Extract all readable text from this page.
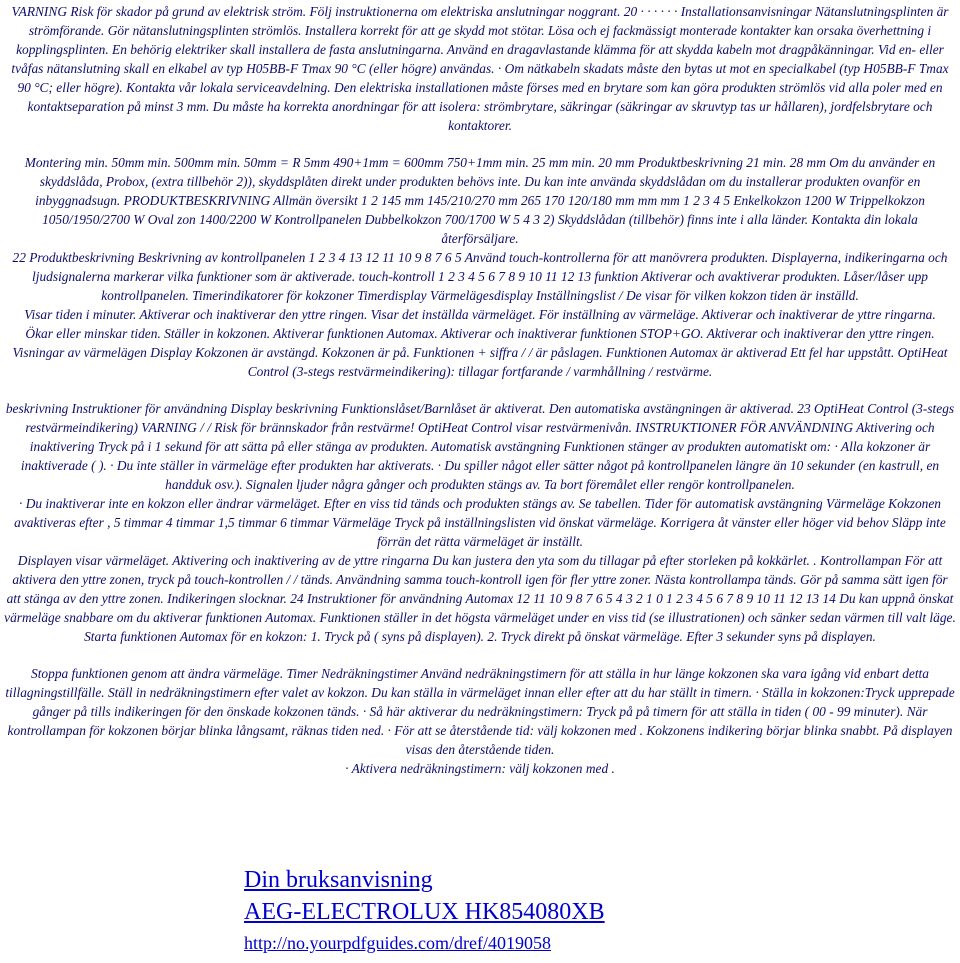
VARNING Risk för skador på grund av elektrisk ström. Följ instruktionerna om elektriska anslutningar noggrant. 20 · · · · · · Installationsanvisningar Nätanslutningsplinten är strömförande. Gör nätanslutningsplinten strömlös. Installera korrekt för att ge skydd mot stötar. Lösa och ej fackmässigt monterade kontakter kan orsaka överhettning i kopplingsplinten. En behörig elektriker skall installera de fasta anslutningarna. Använd en dragavlastande klämma för att skydda kabeln mot dragpåkänningar. Vid en- eller tvåfas nätanslutning skall en elkabel av typ H05BB-F Tmax 90 °C (eller högre) användas. · Om nätkabeln skadats måste den bytas ut mot en specialkabel (typ H05BB-F Tmax 90 °C; eller högre). Kontakta vår lokala serviceavdelning. Den elektriska installationen måste förses med en brytare som kan göra produkten strömlös vid alla poler med en kontaktseparation på minst 3 mm. Du måste ha korrekta anordningar för att isolera: strömbrytare, säkringar (säkringar av skruvtyp tas ur hållaren), jordfelsbrytare och kontaktorer.

Montering min. 50mm min. 500mm min. 50mm = R 5mm 490+1mm = 600mm 750+1mm min. 25 mm min. 20 mm Produktbeskrivning 21 min. 28 mm Om du använder en skyddslåda, Probox, (extra tillbehör 2)), skyddsplåten direkt under produkten behövs inte. Du kan inte använda skyddslådan om du installerar produkten ovanför en inbyggnadsugn. PRODUKTBESKRIVNING Allmän översikt 1 2 145 mm 145/210/270 mm 265 170 120/180 mm mm mm 1 2 3 4 5 Enkelkokzon 1200 W Trippelkokzon 1050/1950/2700 W Oval zon 1400/2200 W Kontrollpanelen Dubbelkokzon 700/1700 W 5 4 3 2) Skyddslådan (tillbehör) finns inte i alla länder. Kontakta din lokala återförsäljare.

22 Produktbeskrivning Beskrivning av kontrollpanelen 1 2 3 4 13 12 11 10 9 8 7 6 5 Använd touch-kontrollerna för att manövrera produkten. Displayerna, indikeringarna och ljudsignalerna markerar vilka funktioner som är aktiverade. touch-kontroll 1 2 3 4 5 6 7 8 9 10 11 12 13 funktion Aktiverar och avaktiverar produkten. Låser/låser upp kontrollpanelen. Timerindikatorer för kokzoner Timerdisplay Värmelägesdisplay Inställningslist / De visar för vilken kokzon tiden är inställd.

Visar tiden i minuter. Aktiverar och inaktiverar den yttre ringen. Visar det inställda värmeläget. För inställning av värmeläge. Aktiverar och inaktiverar de yttre ringarna.

Ökar eller minskar tiden. Ställer in kokzonen. Aktiverar funktionen Automax. Aktiverar och inaktiverar funktionen STOP+GO. Aktiverar och inaktiverar den yttre ringen. Visningar av värmelägen Display Kokzonen är avstängd. Kokzonen är på. Funktionen + siffra / / är påslagen. Funktionen Automax är aktiverad Ett fel har uppstått. OptiHeat Control (3-stegs restvärmeindikering): tillagar fortfarande / varmhållning / restvärme.

beskrivning Instruktioner för användning Display beskrivning Funktionslåset/Barnlåset är aktiverat. Den automatiska avstängningen är aktiverad. 23 OptiHeat Control (3-stegs restvärmeindikering) VARNING / / Risk för brännskador från restvärme! OptiHeat Control visar restvärmenivån. INSTRUKTIONER FÖR ANVÄNDNING Aktivering och inaktivering Tryck på i 1 sekund för att sätta på eller stänga av produkten. Automatisk avstängning Funktionen stänger av produkten automatiskt om: · Alla kokzoner är inaktiverade ( ). · Du inte ställer in värmeläge efter produkten har aktiverats. · Du spiller något eller sätter något på kontrollpanelen längre än 10 sekunder (en kastrull, en handduk osv.). Signalen ljuder några gånger och produkten stängs av. Ta bort föremålet eller rengör kontrollpanelen.

· Du inaktiverar inte en kokzon eller ändrar värmeläget. Efter en viss tid tänds och produkten stängs av. Se tabellen. Tider för automatisk avstängning Värmeläge Kokzonen avaktiveras efter , 5 timmar 4 timmar 1,5 timmar 6 timmar Värmeläge Tryck på inställningslisten vid önskat värmeläge. Korrigera åt vänster eller höger vid behov Släpp inte förrän det rätta värmeläget är inställt.

Displayen visar värmeläget. Aktivering och inaktivering av de yttre ringarna Du kan justera den yta som du tillagar på efter storleken på kokkärlet. . Kontrollampan För att aktivera den yttre zonen, tryck på touch-kontrollen / / tänds. Användning samma touch-kontroll igen för fler yttre zoner. Nästa kontrollampa tänds. Gör på samma sätt igen för att stänga av den yttre zonen. Indikeringen slocknar. 24 Instruktioner för användning Automax 12 11 10 9 8 7 6 5 4 3 2 1 0 1 2 3 4 5 6 7 8 9 10 11 12 13 14 Du kan uppnå önskat värmeläge snabbare om du aktiverar funktionen Automax. Funktionen ställer in det högsta värmeläget under en viss tid (se illustrationen) och sänker sedan värmen till valt läge. Starta funktionen Automax för en kokzon: 1. Tryck på ( syns på displayen). 2. Tryck direkt på önskat värmeläge. Efter 3 sekunder syns på displayen.

Stoppa funktionen genom att ändra värmeläge. Timer Nedräkningstimer Använd nedräkningstimern för att ställa in hur länge kokzonen ska vara igång vid enbart detta tillagningstillfälle. Ställ in nedräkningstimern efter valet av kokzon. Du kan ställa in värmeläget innan eller efter att du har ställt in timern. · Ställa in kokzonen:Tryck upprepade gånger på tills indikeringen för den önskade kokzonen tänds. · Så här aktiverar du nedräkningstimern: Tryck på på timern för att ställa in tiden ( 00 - 99 minuter). När kontrollampan för kokzonen börjar blinka långsamt, räknas tiden ned. · För att se återstående tid: välj kokzonen med . Kokzonens indikering börjar blinka snabbt. På displayen visas den återstående tiden.

· Aktivera nedräkningstimern: välj kokzonen med .

Din bruksanvisning
AEG-ELECTROLUX HK854080XB
http://no.yourpdfguides.com/dref/4019058
